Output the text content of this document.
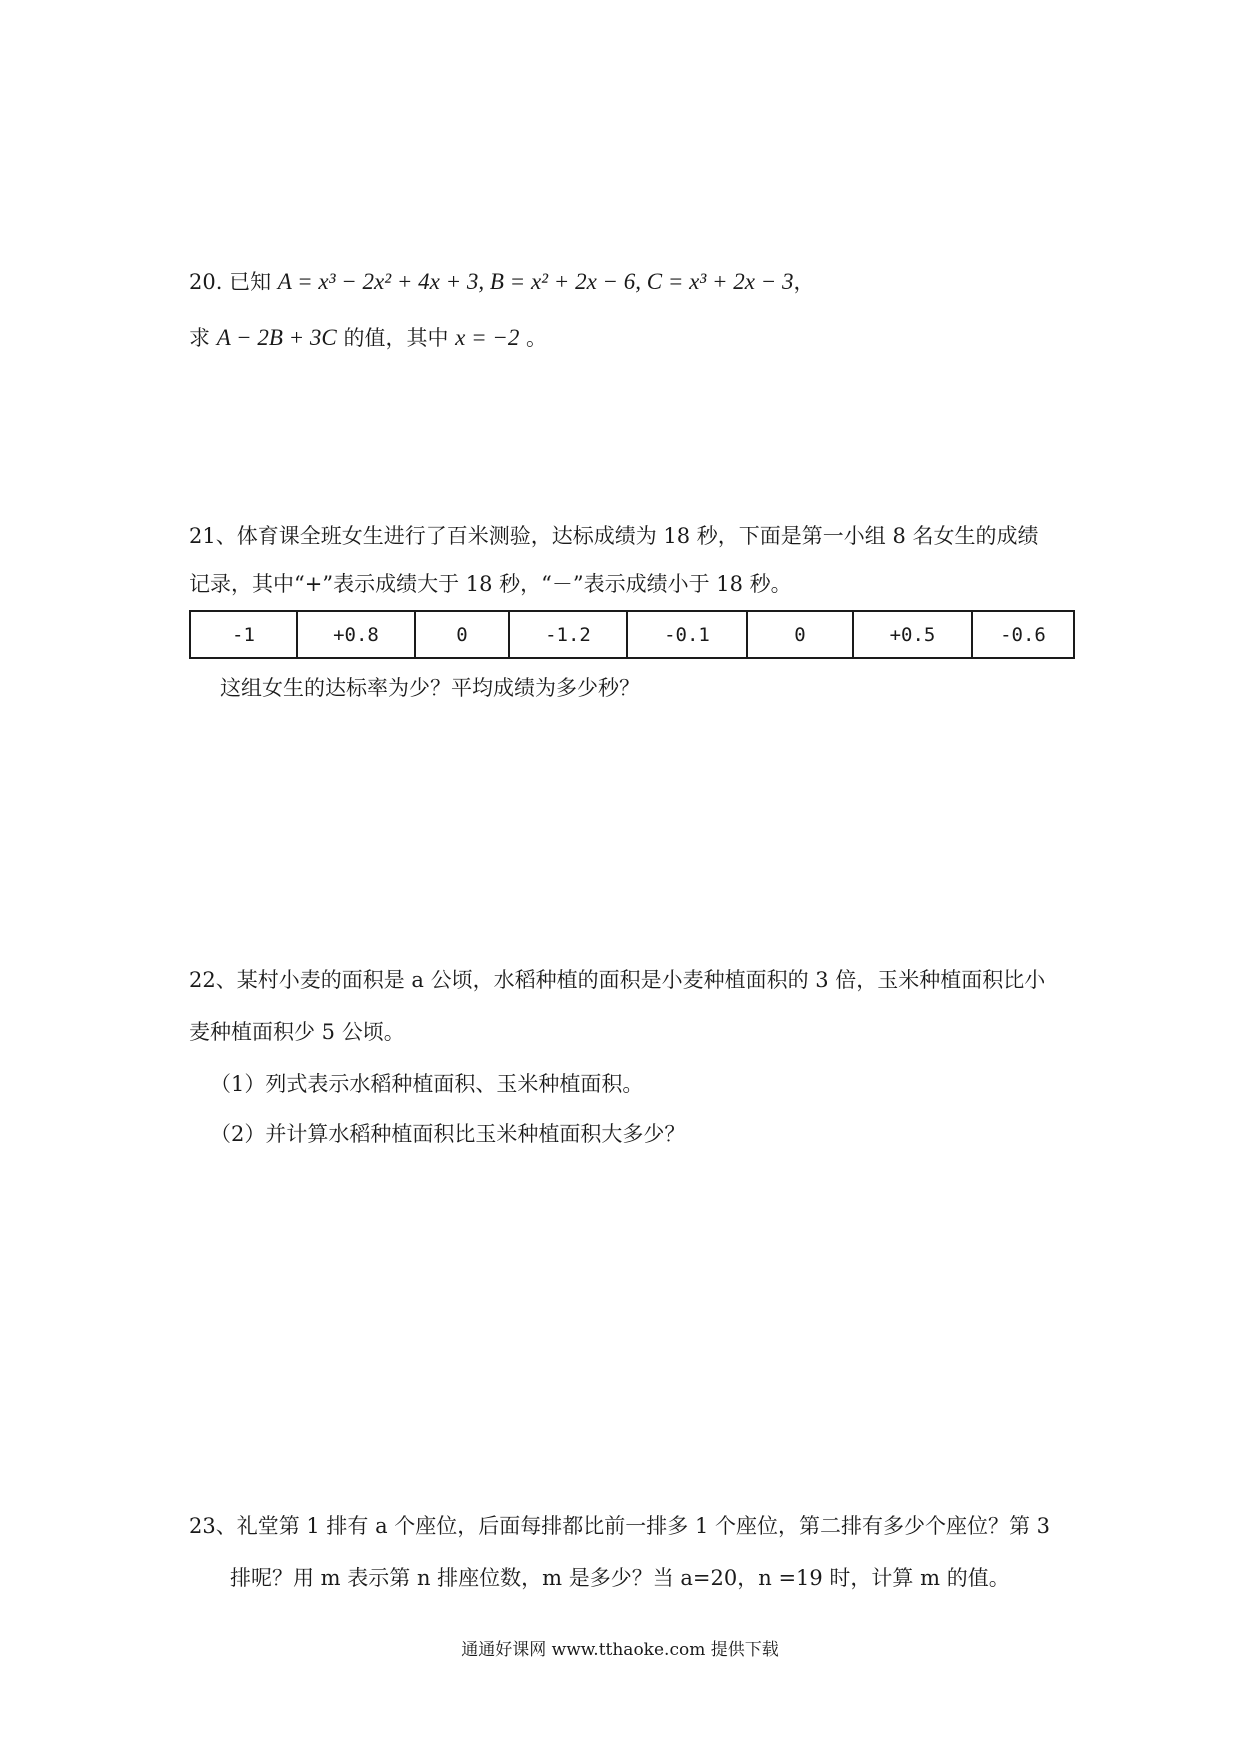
20. 已知 A = x³ − 2x² + 4x + 3, B = x² + 2x − 6, C = x³ + 2x − 3，
求 A − 2B + 3C 的值，其中 x = −2 。
21、体育课全班女生进行了百米测验，达标成绩为 18 秒，下面是第一小组 8 名女生的成绩
记录，其中“+”表示成绩大于 18 秒，“－”表示成绩小于 18 秒。
-1	+0.8	0	-1.2	-0.1	0	+0.5	-0.6
这组女生的达标率为少？平均成绩为多少秒？
22、某村小麦的面积是 a 公顷，水稻种植的面积是小麦种植面积的 3 倍，玉米种植面积比小
麦种植面积少 5 公顷。
（1）列式表示水稻种植面积、玉米种植面积。
（2）并计算水稻种植面积比玉米种植面积大多少？
23、礼堂第 1 排有 a 个座位，后面每排都比前一排多 1 个座位，第二排有多少个座位？第 3
排呢？用 m 表示第 n 排座位数，m 是多少？当 a=20，n =19 时，计算 m 的值。
通通好课网 www.tthaoke.com 提供下载
